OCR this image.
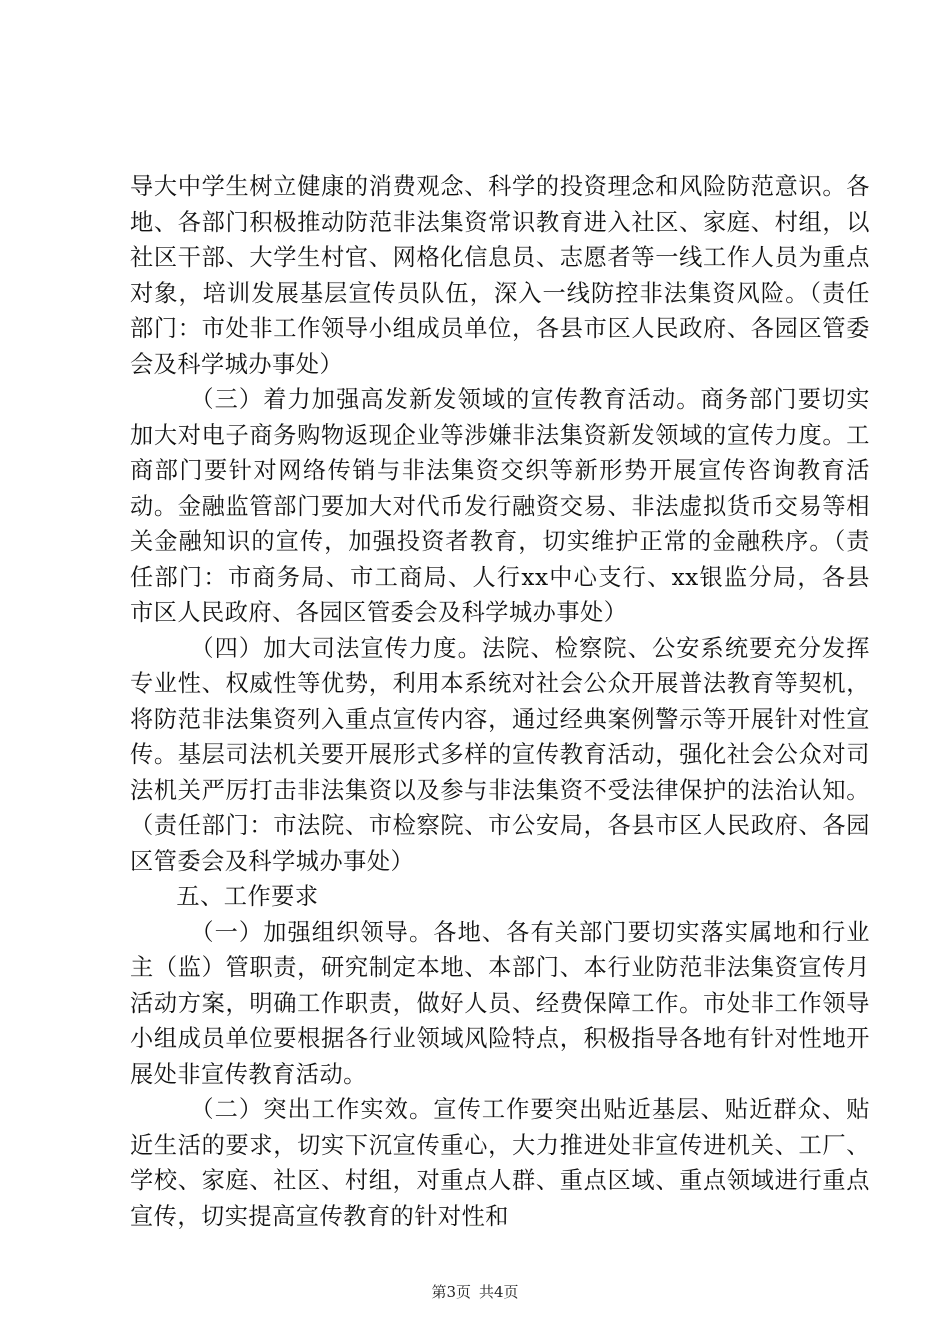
导大中学生树立健康的消费观念、科学的投资理念和风险防范意识。各地、各部门积极推动防范非法集资常识教育进入社区、家庭、村组，以社区干部、大学生村官、网格化信息员、志愿者等一线工作人员为重点对象，培训发展基层宣传员队伍，深入一线防控非法集资风险。（责任部门：市处非工作领导小组成员单位，各县市区人民政府、各园区管委会及科学城办事处）

（三）着力加强高发新发领域的宣传教育活动。商务部门要切实加大对电子商务购物返现企业等涉嫌非法集资新发领域的宣传力度。工商部门要针对网络传销与非法集资交织等新形势开展宣传咨询教育活动。金融监管部门要加大对代币发行融资交易、非法虚拟货币交易等相关金融知识的宣传，加强投资者教育，切实维护正常的金融秩序。（责任部门：市商务局、市工商局、人行xx中心支行、xx银监分局，各县市区人民政府、各园区管委会及科学城办事处）

（四）加大司法宣传力度。法院、检察院、公安系统要充分发挥专业性、权威性等优势，利用本系统对社会公众开展普法教育等契机，将防范非法集资列入重点宣传内容，通过经典案例警示等开展针对性宣传。基层司法机关要开展形式多样的宣传教育活动，强化社会公众对司法机关严厉打击非法集资以及参与非法集资不受法律保护的法治认知。（责任部门：市法院、市检察院、市公安局，各县市区人民政府、各园区管委会及科学城办事处）

五、工作要求

（一）加强组织领导。各地、各有关部门要切实落实属地和行业主（监）管职责，研究制定本地、本部门、本行业防范非法集资宣传月活动方案，明确工作职责，做好人员、经费保障工作。市处非工作领导小组成员单位要根据各行业领域风险特点，积极指导各地有针对性地开展处非宣传教育活动。

（二）突出工作实效。宣传工作要突出贴近基层、贴近群众、贴近生活的要求，切实下沉宣传重心，大力推进处非宣传进机关、工厂、学校、家庭、社区、村组，对重点人群、重点区域、重点领域进行重点宣传，切实提高宣传教育的针对性和

第3页 共4页
